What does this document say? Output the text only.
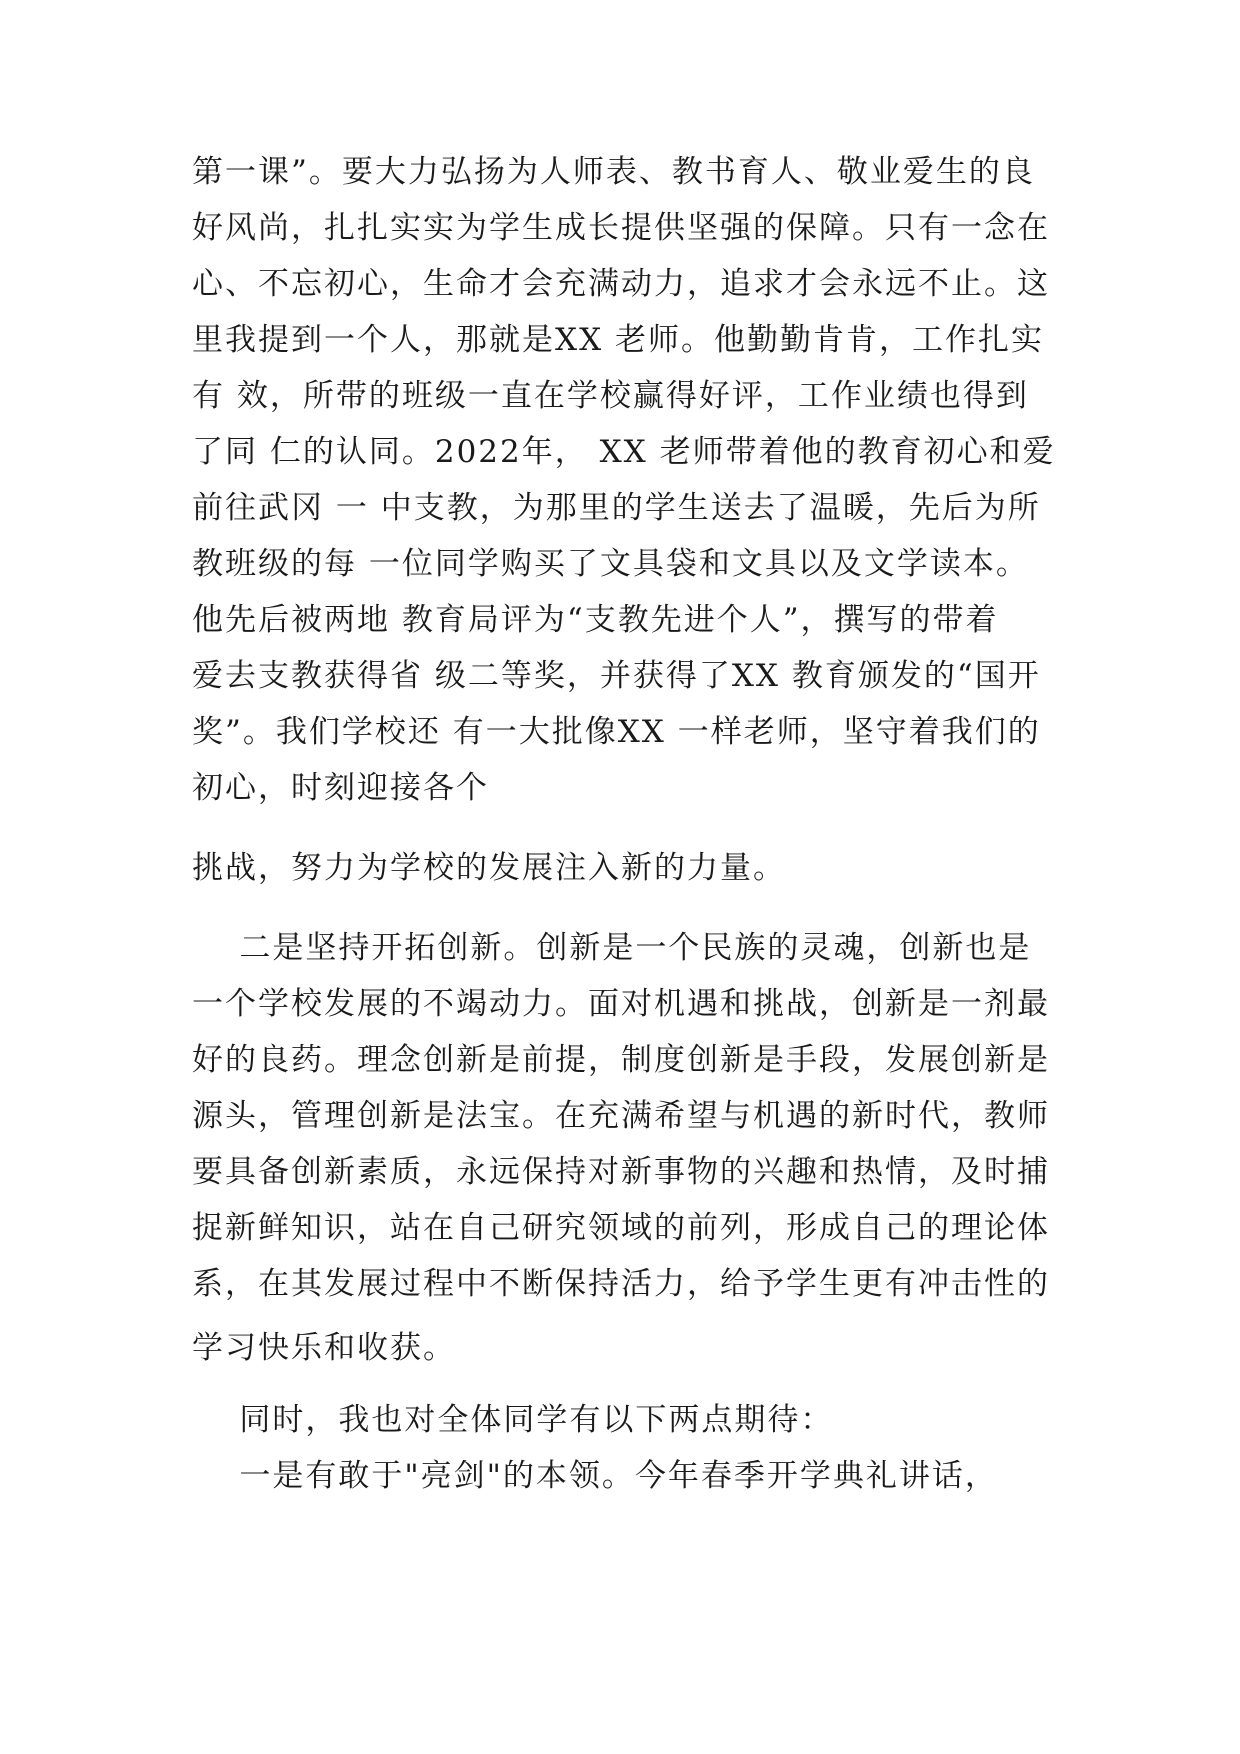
第一课”。要大力弘扬为人师表、教书育人、敬业爱生的良
好风尚，扎扎实实为学生成长提供坚强的保障。只有一念在
心、不忘初心，生命才会充满动力，追求才会永远不止。这
里我提到一个人，那就是XX 老师。他勤勤肯肯，工作扎实
有 效，所带的班级一直在学校赢得好评，工作业绩也得到
了同 仁的认同。2022年， XX 老师带着他的教育初心和爱
前往武冈 一 中支教，为那里的学生送去了温暖，先后为所
教班级的每 一位同学购买了文具袋和文具以及文学读本。
他先后被两地 教育局评为“支教先进个人”，撰写的带着
爱去支教获得省 级二等奖，并获得了XX 教育颁发的“国开
奖”。我们学校还 有一大批像XX 一样老师，坚守着我们的
初心，时刻迎接各个
挑战，努力为学校的发展注入新的力量。
二是坚持开拓创新。创新是一个民族的灵魂，创新也是
一个学校发展的不竭动力。面对机遇和挑战，创新是一剂最
好的良药。理念创新是前提，制度创新是手段，发展创新是
源头，管理创新是法宝。在充满希望与机遇的新时代，教师
要具备创新素质，永远保持对新事物的兴趣和热情，及时捕
捉新鲜知识，站在自己研究领域的前列，形成自己的理论体
系，在其发展过程中不断保持活力，给予学生更有冲击性的
学习快乐和收获。
同时，我也对全体同学有以下两点期待：
一是有敢于"亮剑"的本领。今年春季开学典礼讲话，
